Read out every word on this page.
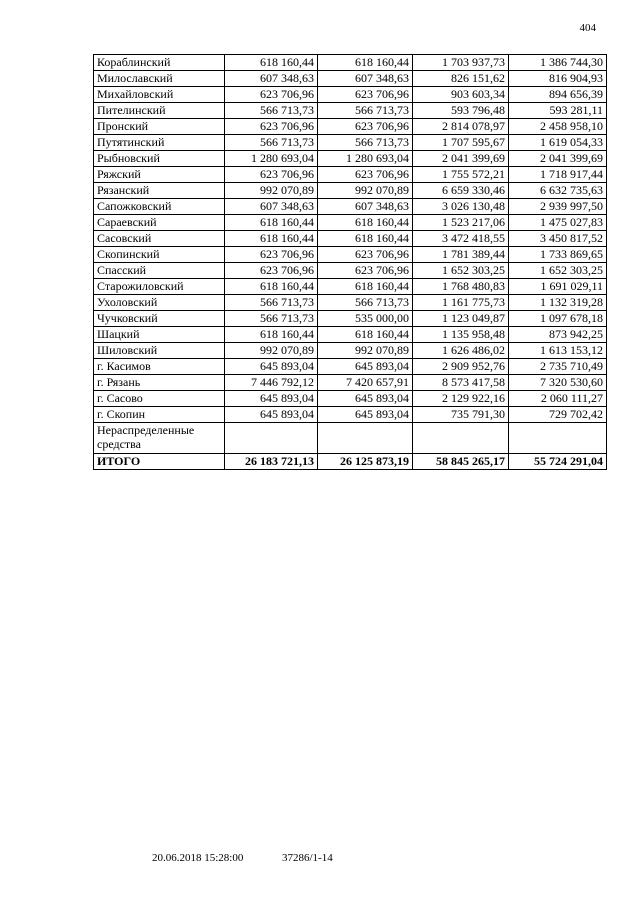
404
Кораблинский	618 160,44	618 160,44	1 703 937,73	1 386 744,30
Милославский	607 348,63	607 348,63	826 151,62	816 904,93
Михайловский	623 706,96	623 706,96	903 603,34	894 656,39
Пителинский	566 713,73	566 713,73	593 796,48	593 281,11
Пронский	623 706,96	623 706,96	2 814 078,97	2 458 958,10
Путятинский	566 713,73	566 713,73	1 707 595,67	1 619 054,33
Рыбновский	1 280 693,04	1 280 693,04	2 041 399,69	2 041 399,69
Ряжский	623 706,96	623 706,96	1 755 572,21	1 718 917,44
Рязанский	992 070,89	992 070,89	6 659 330,46	6 632 735,63
Сапожковский	607 348,63	607 348,63	3 026 130,48	2 939 997,50
Сараевский	618 160,44	618 160,44	1 523 217,06	1 475 027,83
Сасовский	618 160,44	618 160,44	3 472 418,55	3 450 817,52
Скопинский	623 706,96	623 706,96	1 781 389,44	1 733 869,65
Спасский	623 706,96	623 706,96	1 652 303,25	1 652 303,25
Старожиловский	618 160,44	618 160,44	1 768 480,83	1 691 029,11
Ухоловский	566 713,73	566 713,73	1 161 775,73	1 132 319,28
Чучковский	566 713,73	535 000,00	1 123 049,87	1 097 678,18
Шацкий	618 160,44	618 160,44	1 135 958,48	873 942,25
Шиловский	992 070,89	992 070,89	1 626 486,02	1 613 153,12
г. Касимов	645 893,04	645 893,04	2 909 952,76	2 735 710,49
г. Рязань	7 446 792,12	7 420 657,91	8 573 417,58	7 320 530,60
г. Сасово	645 893,04	645 893,04	2 129 922,16	2 060 111,27
г. Скопин	645 893,04	645 893,04	735 791,30	729 702,42
Нераспределенные средства				
ИТОГО	26 183 721,13	26 125 873,19	58 845 265,17	55 724 291,04
20.06.2018 15:28:00	37286/1-14
